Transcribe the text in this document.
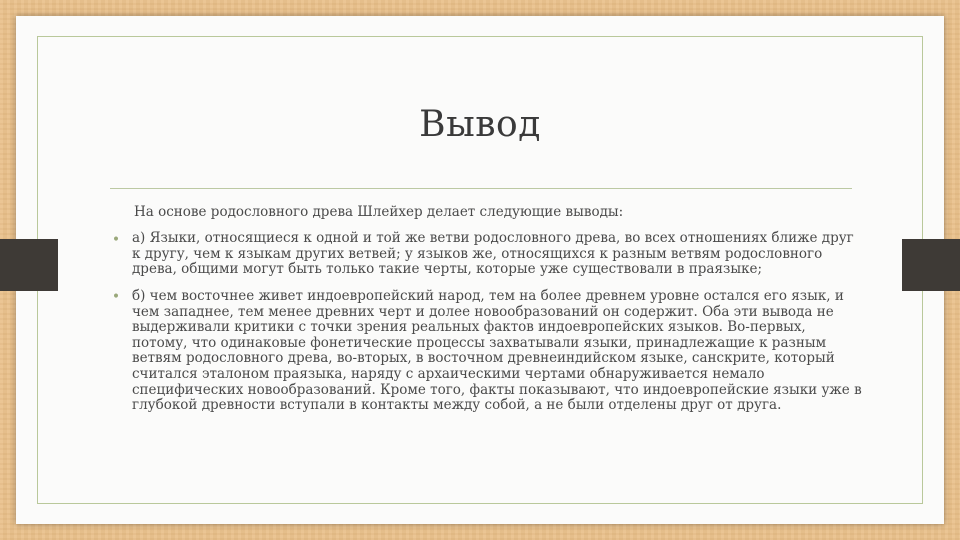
Вывод
На основе родословного древа Шлейхер делает следующие выводы:
• а) Языки, относящиеся к одной и той же ветви родословного древа, во всех отношениях ближе друг к другу, чем к языкам других ветвей; у языков же, относящихся к разным ветвям родословного древа, общими могут быть только такие черты, которые уже существовали в праязыке;
• б) чем восточнее живет индоевропейский народ, тем на более древнем уровне остался его язык, и чем западнее, тем менее древних черт и долее новообразований он содержит. Оба эти вывода не выдерживали критики с точки зрения реальных фактов индоевропейских языков. Во-первых, потому, что одинаковые фонетические процессы захватывали языки, принадлежащие к разным ветвям родословного древа, во-вторых, в восточном древнеиндийском языке, санскрите, который считался эталоном праязыка, наряду с архаическими чертами обнаруживается немало специфических новообразований. Кроме того, факты показывают, что индоевропейские языки уже в глубокой древности вступали в контакты между собой, а не были отделены друг от друга.
